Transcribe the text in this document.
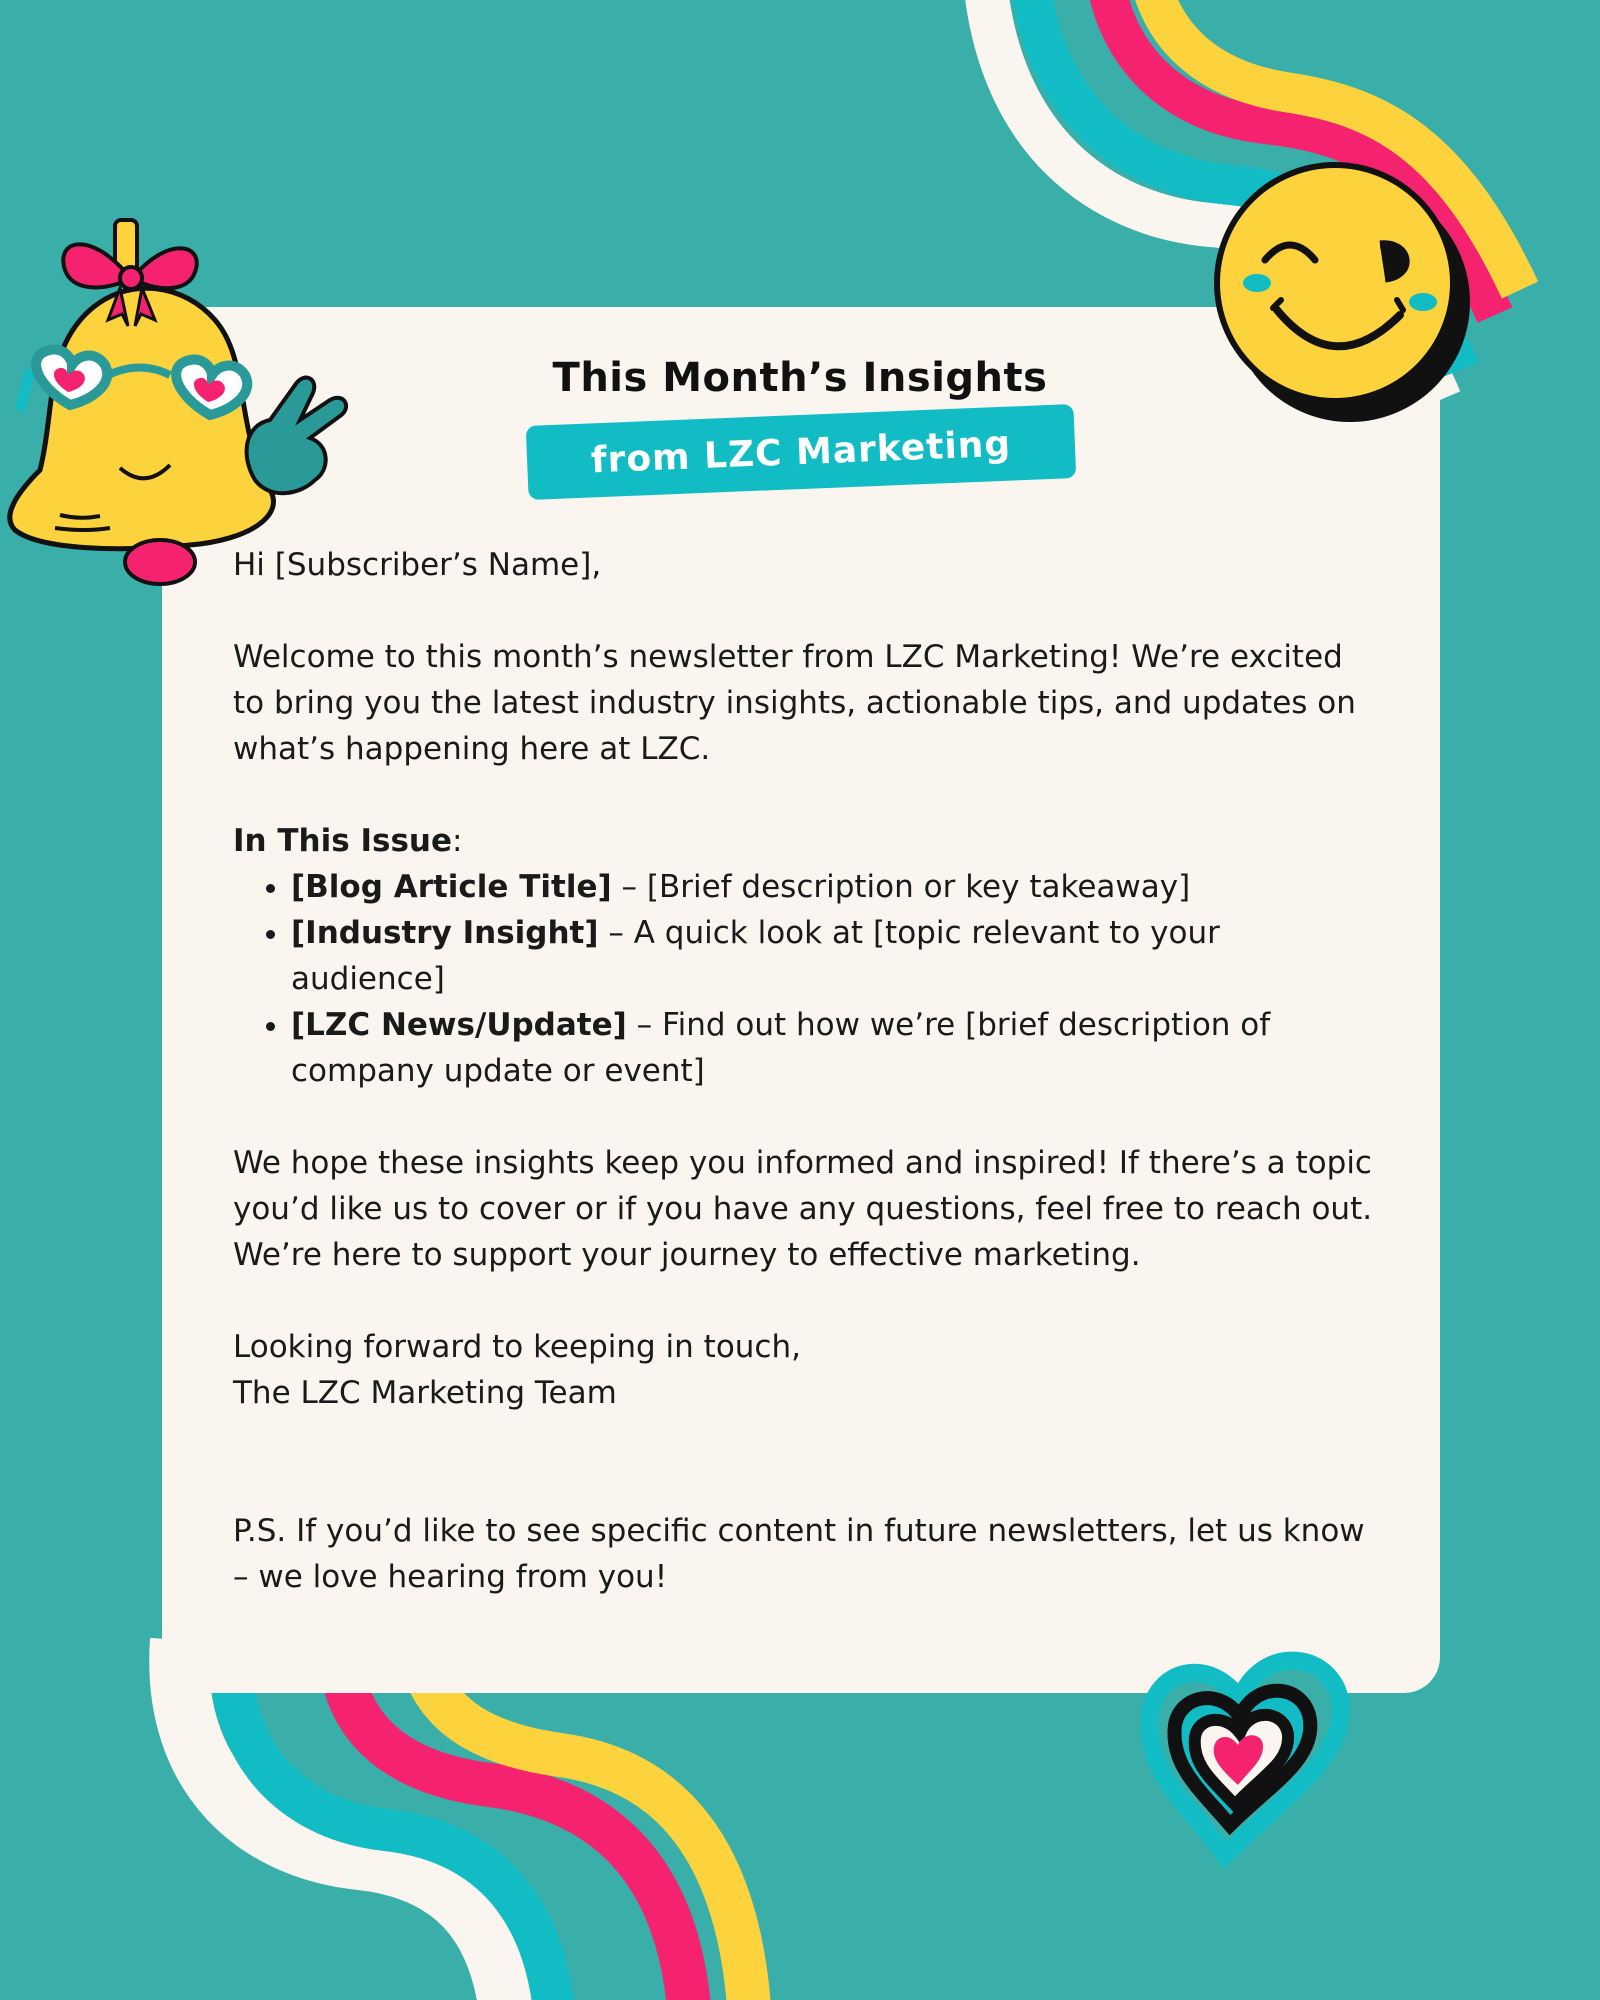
This Month’s Insights
from LZC Marketing

Hi [Subscriber’s Name],

Welcome to this month’s newsletter from LZC Marketing! We’re excited to bring you the latest industry insights, actionable tips, and updates on what’s happening here at LZC.

In This Issue:
• [Blog Article Title] – [Brief description or key takeaway]
• [Industry Insight] – A quick look at [topic relevant to your audience]
• [LZC News/Update] – Find out how we’re [brief description of company update or event]

We hope these insights keep you informed and inspired! If there’s a topic you’d like us to cover or if you have any questions, feel free to reach out. We’re here to support your journey to effective marketing.

Looking forward to keeping in touch,
The LZC Marketing Team

P.S. If you’d like to see specific content in future newsletters, let us know – we love hearing from you!
